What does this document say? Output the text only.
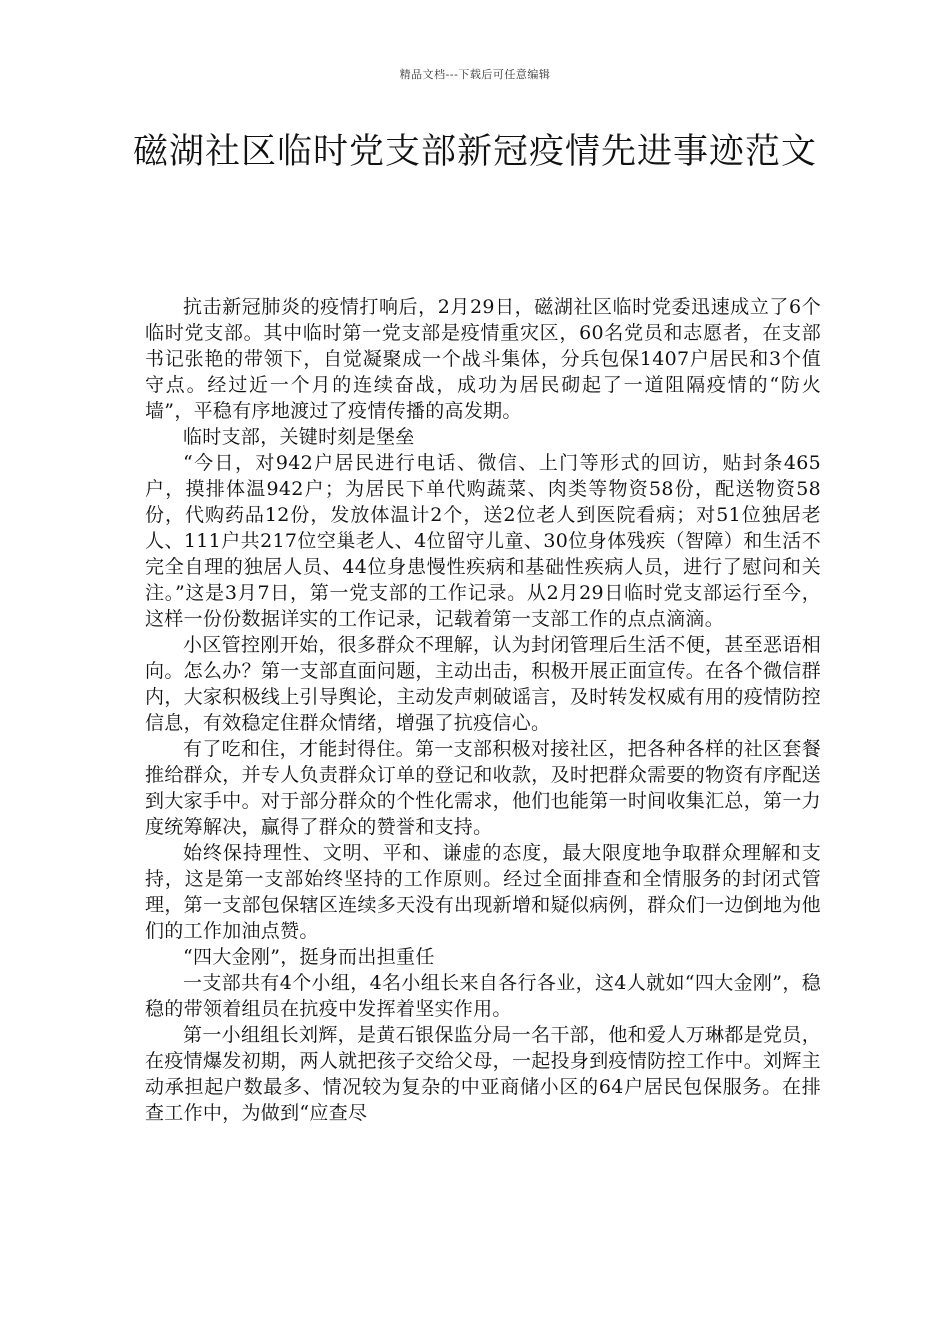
精品文档---下载后可任意编辑
磁湖社区临时党支部新冠疫情先进事迹范文

抗击新冠肺炎的疫情打响后，2月29日，磁湖社区临时党委迅速成立了6个临时党支部。其中临时第一党支部是疫情重灾区，60名党员和志愿者，在支部书记张艳的带领下，自觉凝聚成一个战斗集体，分兵包保1407户居民和3个值守点。经过近一个月的连续奋战，成功为居民砌起了一道阻隔疫情的“防火墙”，平稳有序地渡过了疫情传播的高发期。

临时支部，关键时刻是堡垒

“今日，对942户居民进行电话、微信、上门等形式的回访，贴封条465户，摸排体温942户；为居民下单代购蔬菜、肉类等物资58份，配送物资58份，代购药品12份，发放体温计2个，送2位老人到医院看病；对51位独居老人、111户共217位空巢老人、4位留守儿童、30位身体残疾（智障）和生活不完全自理的独居人员、44位身患慢性疾病和基础性疾病人员，进行了慰问和关注。”这是3月7日，第一党支部的工作记录。从2月29日临时党支部运行至今，这样一份份数据详实的工作记录，记载着第一支部工作的点点滴滴。

小区管控刚开始，很多群众不理解，认为封闭管理后生活不便，甚至恶语相向。怎么办？第一支部直面问题，主动出击，积极开展正面宣传。在各个微信群内，大家积极线上引导舆论，主动发声刺破谣言，及时转发权威有用的疫情防控信息，有效稳定住群众情绪，增强了抗疫信心。

有了吃和住，才能封得住。第一支部积极对接社区，把各种各样的社区套餐推给群众，并专人负责群众订单的登记和收款，及时把群众需要的物资有序配送到大家手中。对于部分群众的个性化需求，他们也能第一时间收集汇总，第一力度统筹解决，赢得了群众的赞誉和支持。

始终保持理性、文明、平和、谦虚的态度，最大限度地争取群众理解和支持，这是第一支部始终坚持的工作原则。经过全面排查和全情服务的封闭式管理，第一支部包保辖区连续多天没有出现新增和疑似病例，群众们一边倒地为他们的工作加油点赞。

“四大金刚”，挺身而出担重任

一支部共有4个小组，4名小组长来自各行各业，这4人就如“四大金刚”，稳稳的带领着组员在抗疫中发挥着坚实作用。

第一小组组长刘辉，是黄石银保监分局一名干部，他和爱人万琳都是党员，在疫情爆发初期，两人就把孩子交给父母，一起投身到疫情防控工作中。刘辉主动承担起户数最多、情况较为复杂的中亚商储小区的64户居民包保服务。在排查工作中，为做到“应查尽
